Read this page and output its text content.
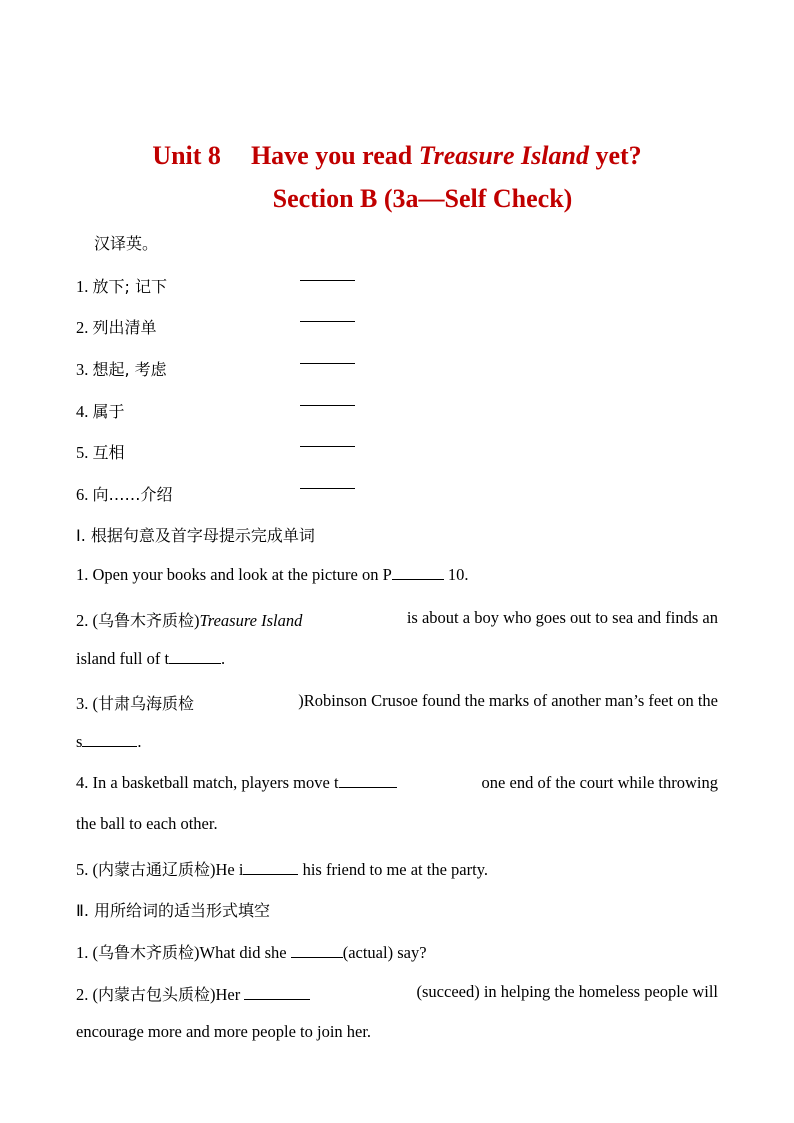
Unit 8 Have you read Treasure Island yet?
Section B (3a—Self Check)
汉译英。
1. 放下; 记下
2. 列出清单
3. 想起, 考虑
4. 属于
5. 互相
6. 向……介绍
Ⅰ. 根据句意及首字母提示完成单词
1. Open your books and look at the picture on P	10.
2. (乌鲁木齐质检)Treasure Island	is about a boy who goes out to sea and finds an
island full of t	.
3. (甘肃乌海质检	)Robinson Crusoe found the marks of another man’s feet on the
s	.
4. In a basketball match, players move t	one end of the court while throwing
the ball to each other.
5. (内蒙古通辽质检)He i	his friend to me at the party.
Ⅱ. 用所给词的适当形式填空
1. (乌鲁木齐质检)What did she	(actual) say?
2. (内蒙古包头质检)Her	(succeed) in helping the homeless people will
encourage more and more people to join her.
